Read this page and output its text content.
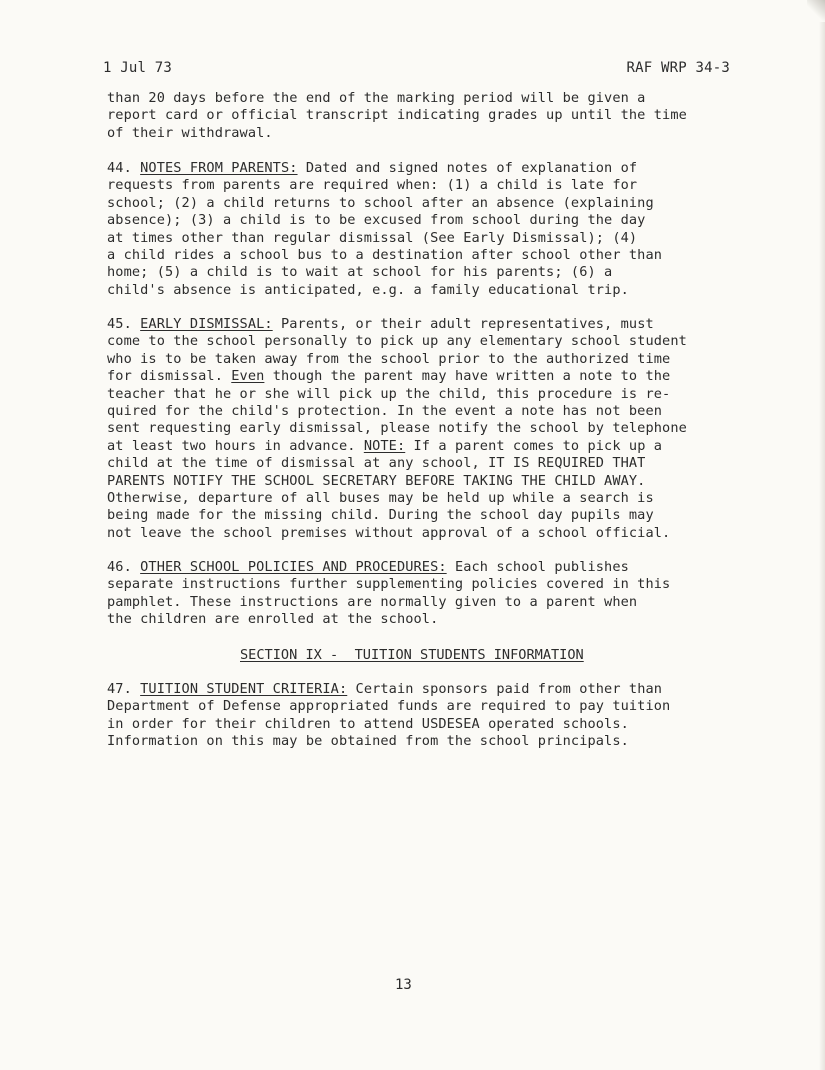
1 Jul 73	RAF WRP 34-3
than 20 days before the end of the marking period will be given a
report card or official transcript indicating grades up until the time
of their withdrawal.
44. NOTES FROM PARENTS: Dated and signed notes of explanation of
requests from parents are required when: (1) a child is late for
school; (2) a child returns to school after an absence (explaining
absence); (3) a child is to be excused from school during the day
at times other than regular dismissal (See Early Dismissal); (4)
a child rides a school bus to a destination after school other than
home; (5) a child is to wait at school for his parents; (6) a
child's absence is anticipated, e.g. a family educational trip.
45. EARLY DISMISSAL: Parents, or their adult representatives, must
come to the school personally to pick up any elementary school student
who is to be taken away from the school prior to the authorized time
for dismissal. Even though the parent may have written a note to the
teacher that he or she will pick up the child, this procedure is re-
quired for the child's protection. In the event a note has not been
sent requesting early dismissal, please notify the school by telephone
at least two hours in advance. NOTE: If a parent comes to pick up a
child at the time of dismissal at any school, IT IS REQUIRED THAT
PARENTS NOTIFY THE SCHOOL SECRETARY BEFORE TAKING THE CHILD AWAY.
Otherwise, departure of all buses may be held up while a search is
being made for the missing child. During the school day pupils may
not leave the school premises without approval of a school official.
46. OTHER SCHOOL POLICIES AND PROCEDURES: Each school publishes
separate instructions further supplementing policies covered in this
pamphlet. These instructions are normally given to a parent when
the children are enrolled at the school.
SECTION IX -  TUITION STUDENTS INFORMATION
47. TUITION STUDENT CRITERIA: Certain sponsors paid from other than
Department of Defense appropriated funds are required to pay tuition
in order for their children to attend USDESEA operated schools.
Information on this may be obtained from the school principals.
13
